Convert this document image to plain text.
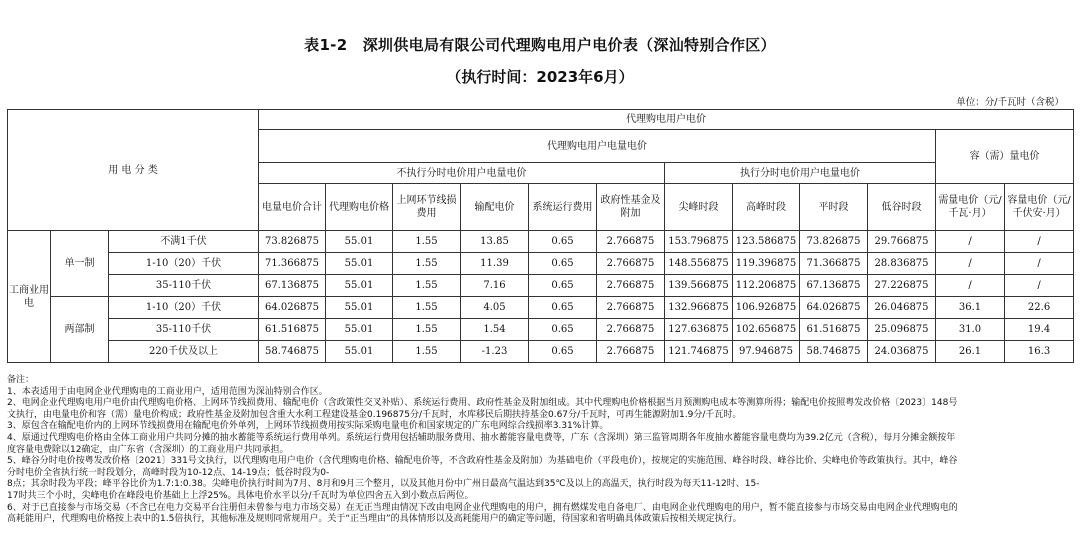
表1-2　深圳供电局有限公司代理购电用户电价表（深汕特别合作区）
（执行时间：2023年6月）
单位：分/千瓦时（含税）
用 电 分 类			代理购电用户电价											
			代理购电用户电量电价										容（需）量电价	
			不执行分时电价用户电量电价						执行分时电价用户电量电价					
			电量电价合计	代理购电价格	上网环节线损费用	输配电价	系统运行费用	政府性基金及附加	尖峰时段	高峰时段	平时段	低谷时段	需量电价（元/千瓦·月）	容量电价（元/千伏安·月）
工商业用电	单一制	不满1千伏	73.826875	55.01	1.55	13.85	0.65	2.766875	153.796875	123.586875	73.826875	29.766875	/	/
		1-10（20）千伏	71.366875	55.01	1.55	11.39	0.65	2.766875	148.556875	119.396875	71.366875	28.836875	/	/
		35-110千伏	67.136875	55.01	1.55	7.16	0.65	2.766875	139.566875	112.206875	67.136875	27.226875	/	/
	两部制	1-10（20）千伏	64.026875	55.01	1.55	4.05	0.65	2.766875	132.966875	106.926875	64.026875	26.046875	36.1	22.6
		35-110千伏	61.516875	55.01	1.55	1.54	0.65	2.766875	127.636875	102.656875	61.516875	25.096875	31.0	19.4
		220千伏及以上	58.746875	55.01	1.55	-1.23	0.65	2.766875	121.746875	97.946875	58.746875	24.036875	26.1	16.3
备注：
1、本表适用于由电网企业代理购电的工商业用户，适用范围为深汕特别合作区。
2、电网企业代理购电用户电价由代理购电价格、上网环节线损费用、输配电价（含政策性交叉补贴）、系统运行费用、政府性基金及附加组成。其中代理购电价格根据当月预测购电成本等测算所得；输配电价按照粤发改价格〔2023〕148号
文执行，由电量电价和容（需）量电价构成；政府性基金及附加包含重大水利工程建设基金0.196875分/千瓦时，水库移民后期扶持基金0.67分/千瓦时，可再生能源附加1.9分/千瓦时。
3、原包含在输配电价内的上网环节线损费用在输配电价外单列，上网环节线损费用按实际采购电量电价和国家规定的广东电网综合线损率3.31%计算。
4、原通过代理购电价格由全体工商业用户共同分摊的抽水蓄能等系统运行费用单列。系统运行费用包括辅助服务费用、抽水蓄能容量电费等，广东（含深圳）第三监管周期各年度抽水蓄能容量电费均为39.2亿元（含税），每月分摊金额按年
度容量电费除以12确定，由广东省（含深圳）的工商业用户共同承担。
5、峰谷分时电价按粤发改价格〔2021〕331号文执行，以代理购电用户电价（含代理购电价格、输配电价等，不含政府性基金及附加）为基础电价（平段电价），按规定的实施范围、峰谷时段、峰谷比价、尖峰电价等政策执行。其中，峰谷
分时电价全省执行统一时段划分，高峰时段为10-12点、14-19点；低谷时段为0-
8点；其余时段为平段；峰平谷比价为1.7:1:0.38。尖峰电价执行时间为7月、8月和9月三个整月，以及其他月份中广州日最高气温达到35℃及以上的高温天，执行时段为每天11-12时、15-
17时共三个小时，尖峰电价在峰段电价基础上上浮25%。具体电价水平以分/千瓦时为单位四舍五入到小数点后两位。
6、对于已直接参与市场交易（不含已在电力交易平台注册但未曾参与电力市场交易）在无正当理由情况下改由电网企业代理购电的用户，拥有燃煤发电自备电厂、由电网企业代理购电的用户，暂不能直接参与市场交易由电网企业代理购电的
高耗能用户，代理购电价格按上表中的1.5倍执行，其他标准及规则同常规用户。关于“正当理由”的具体情形以及高耗能用户的确定等问题，待国家和省明确具体政策后按相关规定执行。
